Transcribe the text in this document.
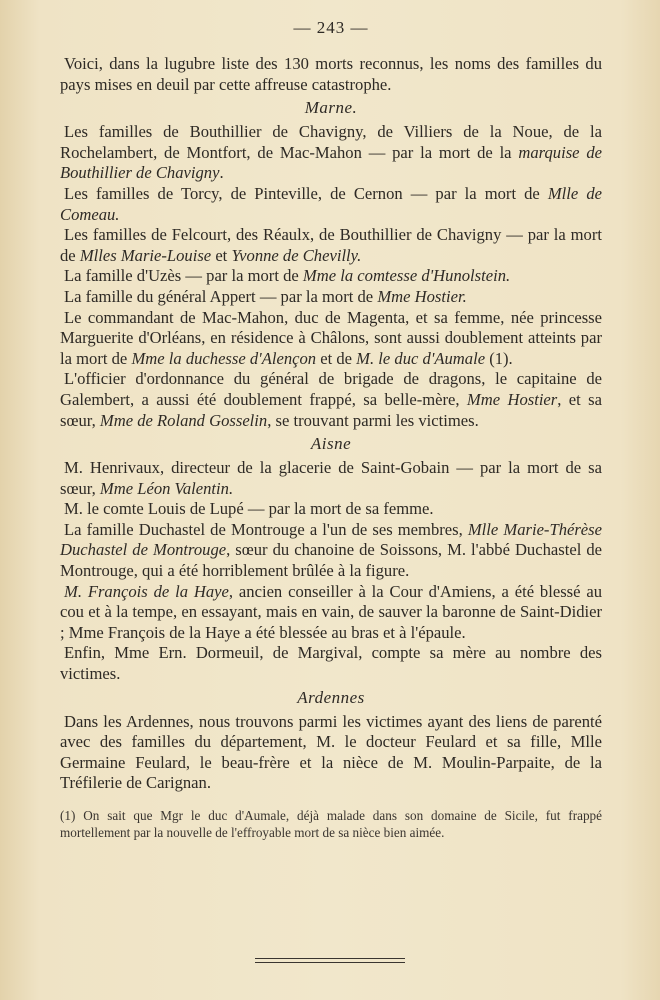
— 243 —

Voici, dans la lugubre liste des 130 morts reconnus, les noms des familles du pays mises en deuil par cette affreuse catastrophe.

Marne.

Les familles de Bouthillier de Chavigny, de Villiers de la Noue, de la Rochelambert, de Montfort, de Mac-Mahon — par la mort de la marquise de Bouthillier de Chavigny.

Les familles de Torcy, de Pinteville, de Cernon — par la mort de Mlle de Comeau.

Les familles de Felcourt, des Réaulx, de Bouthillier de Chavigny — par la mort de Mlles Marie-Louise et Yvonne de Chevilly.

La famille d'Uzès — par la mort de Mme la comtesse d'Hunolstein.

La famille du général Appert — par la mort de Mme Hostier.

Le commandant de Mac-Mahon, duc de Magenta, et sa femme, née princesse Marguerite d'Orléans, en résidence à Châlons, sont aussi doublement atteints par la mort de Mme la duchesse d'Alençon et de M. le duc d'Aumale (1).

L'officier d'ordonnance du général de brigade de dragons, le capitaine de Galembert, a aussi été doublement frappé, sa belle-mère, Mme Hostier, et sa sœur, Mme de Roland Gosselin, se trouvant parmi les victimes.

Aisne

M. Henrivaux, directeur de la glacerie de Saint-Gobain — par la mort de sa sœur, Mme Léon Valentin.

M. le comte Louis de Lupé — par la mort de sa femme.

La famille Duchastel de Montrouge a l'un de ses membres, Mlle Marie-Thérèse Duchastel de Montrouge, sœur du chanoine de Soissons, M. l'abbé Duchastel de Montrouge, qui a été horriblement brûlée à la figure.

M. François de la Haye, ancien conseiller à la Cour d'Amiens, a été blessé au cou et à la tempe, en essayant, mais en vain, de sauver la baronne de Saint-Didier ; Mme François de la Haye a été blessée au bras et à l'épaule.

Enfin, Mme Ern. Dormeuil, de Margival, compte sa mère au nombre des victimes.

Ardennes

Dans les Ardennes, nous trouvons parmi les victimes ayant des liens de parenté avec des familles du département, M. le docteur Feulard et sa fille, Mlle Germaine Feulard, le beau-frère et la nièce de M. Moulin-Parpaite, de la Tréfilerie de Carignan.

(1) On sait que Mgr le duc d'Aumale, déjà malade dans son domaine de Sicile, fut frappé mortellement par la nouvelle de l'effroyable mort de sa nièce bien aimée.
